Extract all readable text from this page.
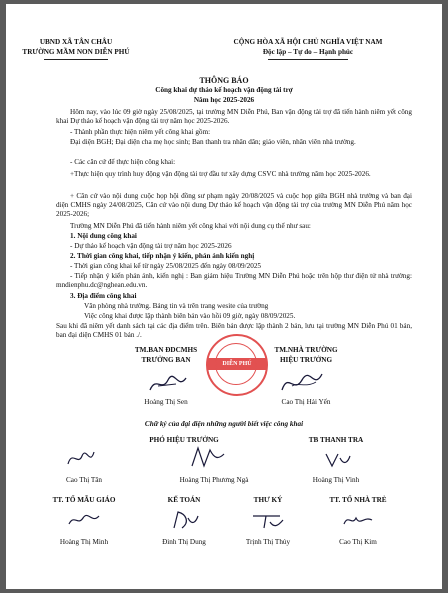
UBND XÃ TÂN CHÂU
TRƯỜNG MẦM NON DIỄN PHÚ
CỘNG HÒA XÃ HỘI CHỦ NGHĨA VIỆT NAM
Độc lập – Tự do – Hạnh phúc
THÔNG BÁO
Công khai dự thảo kế hoạch vận động tài trợ
Năm học 2025-2026
Hôm nay, vào lúc 09 giờ ngày 25/08/2025, tại trường MN Diễn Phú, Ban vận động tài trợ đã tiến hành niêm yết công khai Dự thảo kế hoạch vận động tài trợ năm học 2025-2026.
- Thành phần thực hiện niêm yết công khai gồm:
Đại diện BGH; Đại diện cha mẹ học sinh; Ban thanh tra nhân dân; giáo viên, nhân viên nhà trường.
- Các căn cứ để thực hiện công khai:
+Thực hiện quy trình huy động vận động tài trợ đầu tư xây dựng CSVC nhà trường năm học 2025-2026.
+ Căn cứ vào nội dung cuộc họp hội đồng sư phạm ngày 20/08/2025 và cuộc họp giữa BGH nhà trường và ban đại diện CMHS ngày 24/08/2025, Căn cứ vào nội dung Dự thảo kế hoạch vận động tài trợ của trường MN Diễn Phú năm học 2025-2026;
Trường MN Diễn Phú đã tiến hành niêm yết công khai với nội dung cụ thể như sau:
1. Nội dung công khai
- Dự thảo kế hoạch vận động tài trợ năm học 2025-2026
2. Thời gian công khai, tiếp nhận ý kiến, phản ánh kiến nghị
- Thời gian công khai kể từ ngày 25/08/2025 đến ngày 08/09/2025
- Tiếp nhận ý kiến phản ánh, kiến nghị : Ban giám hiệu Trường MN Diễn Phú hoặc trên hộp thư điện tử nhà trường: mndienphu.dc@nghean.edu.vn.
3. Địa điểm công khai
Văn phòng nhà trường. Bảng tin và trên trang wesite của trường
Việc công khai được lập thành biên bản vào hồi 09 giờ, ngày 08/09/2025.
Sau khi đã niêm yết danh sách tại các địa điểm trên. Biên bản được lập thành 2 bản, lưu tại trường MN Diễn Phú 01 bản, ban đại diện CMHS 01 bản ./.
TM.BAN ĐDCMHS
TRƯỞNG BAN
TM.NHÀ TRƯỜNG
HIỆU TRƯỞNG
DIỄN PHÚ
Hoàng Thị Sen	Cao Thị Hải Yến
Chữ ký của đại diện những người biết việc công khai
PHÓ HIỆU TRƯỞNG	TB THANH TRA
Cao Thị Tân	Hoàng Thị Phương Ngà	Hoàng Thị Vinh
TT. TỔ MẪU GIÁO	KẾ TOÁN	THƯ KÝ	TT. TỔ NHÀ TRẺ
Hoàng Thị Minh	Đinh Thị Dung	Trịnh Thị Thủy	Cao Thị Kim
